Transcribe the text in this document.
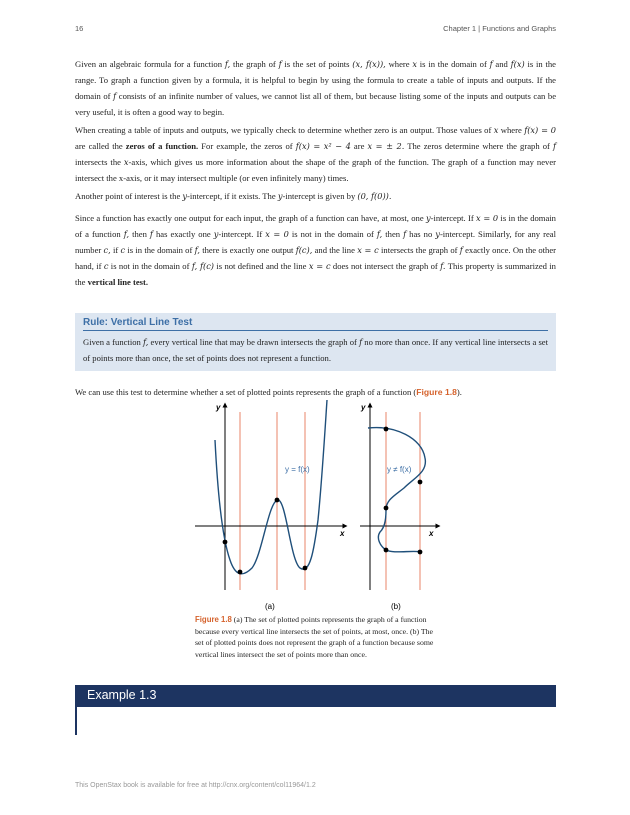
16	Chapter 1 | Functions and Graphs

Given an algebraic formula for a function f, the graph of f is the set of points (x, f(x)), where x is in the domain of f and f(x) is in the range. To graph a function given by a formula, it is helpful to begin by using the formula to create a table of inputs and outputs. If the domain of f consists of an infinite number of values, we cannot list all of them, but because listing some of the inputs and outputs can be very useful, it is often a good way to begin.

When creating a table of inputs and outputs, we typically check to determine whether zero is an output. Those values of x where f(x) = 0 are called the zeros of a function. For example, the zeros of f(x) = x² − 4 are x = ± 2. The zeros determine where the graph of f intersects the x-axis, which gives us more information about the shape of the graph of the function. The graph of a function may never intersect the x-axis, or it may intersect multiple (or even infinitely many) times.

Another point of interest is the y-intercept, if it exists. The y-intercept is given by (0, f(0)).

Since a function has exactly one output for each input, the graph of a function can have, at most, one y-intercept. If x = 0 is in the domain of a function f, then f has exactly one y-intercept. If x = 0 is not in the domain of f, then f has no y-intercept. Similarly, for any real number c, if c is in the domain of f, there is exactly one output f(c), and the line x = c intersects the graph of f exactly once. On the other hand, if c is not in the domain of f, f(c) is not defined and the line x = c does not intersect the graph of f. This property is summarized in the vertical line test.

Rule: Vertical Line Test
Given a function f, every vertical line that may be drawn intersects the graph of f no more than once. If any vertical line intersects a set of points more than once, the set of points does not represent a function.
We can use this test to determine whether a set of plotted points represents the graph of a function (Figure 1.8).
y
x
y = f(x)
(a)
y
x
y ≠ f(x)
(b)
Figure 1.8 (a) The set of plotted points represents the graph of a function because every vertical line intersects the set of points, at most, once. (b) The set of plotted points does not represent the graph of a function because some vertical lines intersect the set of points more than once.
Example 1.3
This OpenStax book is available for free at http://cnx.org/content/col11964/1.2
